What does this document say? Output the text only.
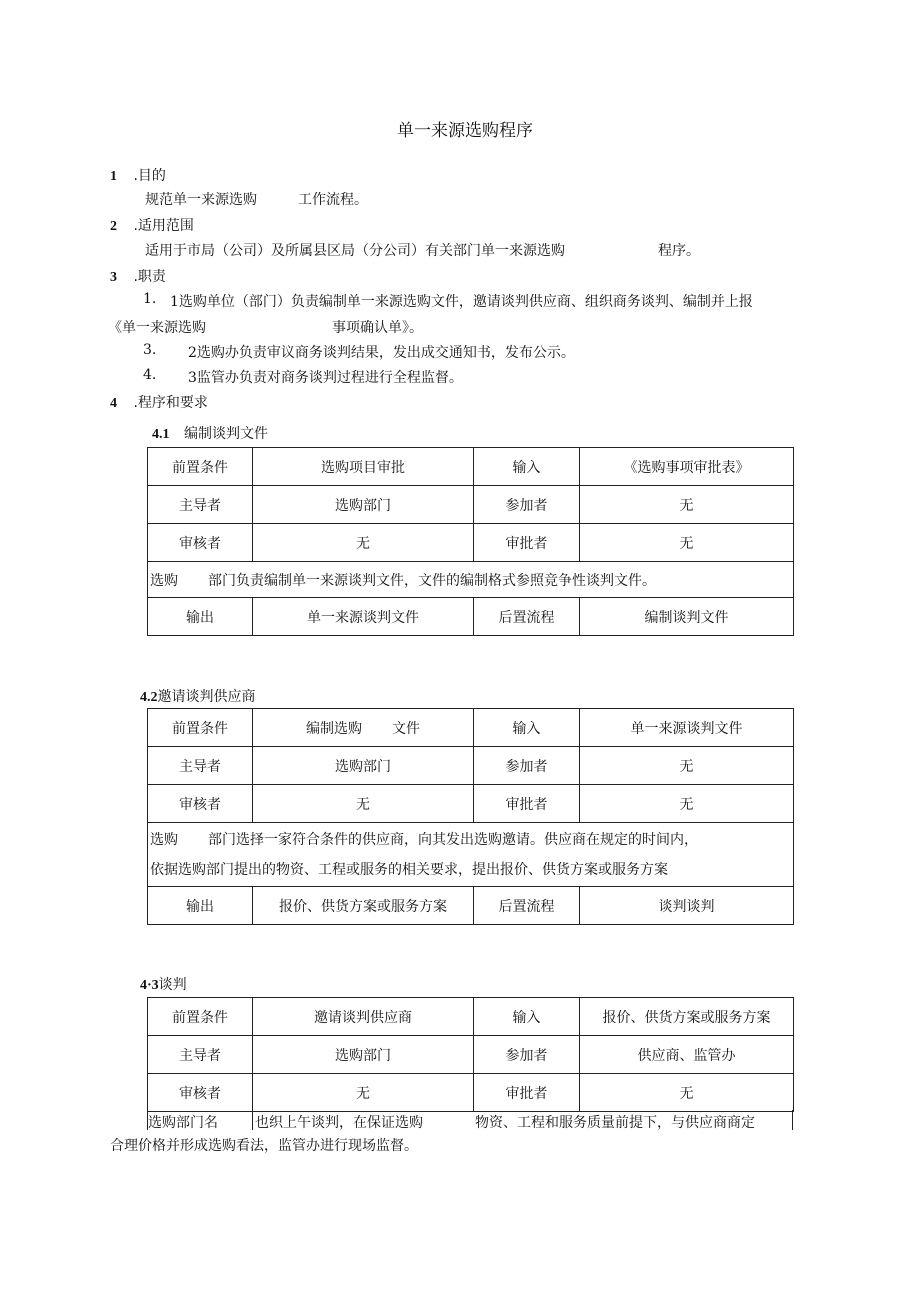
单一来源选购程序
1 .目的
规范单一来源选购	工作流程。
2 .适用范围
适用于市局（公司）及所属县区局（分公司）有关部门单一来源选购	程序。
3 .职责
1. 1选购单位（部门）负责编制单一来源选购文件，邀请谈判供应商、组织商务谈判、编制并上报
《单一来源选购	事项确认单》。
3. 2选购办负责审议商务谈判结果，发出成交通知书，发布公示。
4. 3监管办负责对商务谈判过程进行全程监督。
4 .程序和要求
4.1 编制谈判文件
前置条件	选购项目审批	输入	《选购事项审批表》
主导者	选购部门	参加者	无
审核者	无	审批者	无

选购 部门负责编制单一来源谈判文件，文件的编制格式参照竞争性谈判文件。			

输出	单一来源谈判文件	后置流程	编制谈判文件
4.2邀请谈判供应商
前置条件	编制选购 文件	输入	单一来源谈判文件
主导者	选购部门	参加者	无
审核者	无	审批者	无

选购 部门选择一家符合条件的供应商，向其发出选购邀请。供应商在规定的时间内，
依据选购部门提出的物资、工程或服务的相关要求，提出报价、供货方案或服务方案			

输出	报价、供货方案或服务方案	后置流程	谈判谈判
4·3谈判
前置条件	邀请谈判供应商	输入	报价、供货方案或服务方案
主导者	选购部门	参加者	供应商、监管办
审核者	无	审批者	无
选购部门名	也织上午谈判，在保证选购	物资、工程和服务质量前提下，与供应商商定
合理价格并形成选购看法，监管办进行现场监督。
